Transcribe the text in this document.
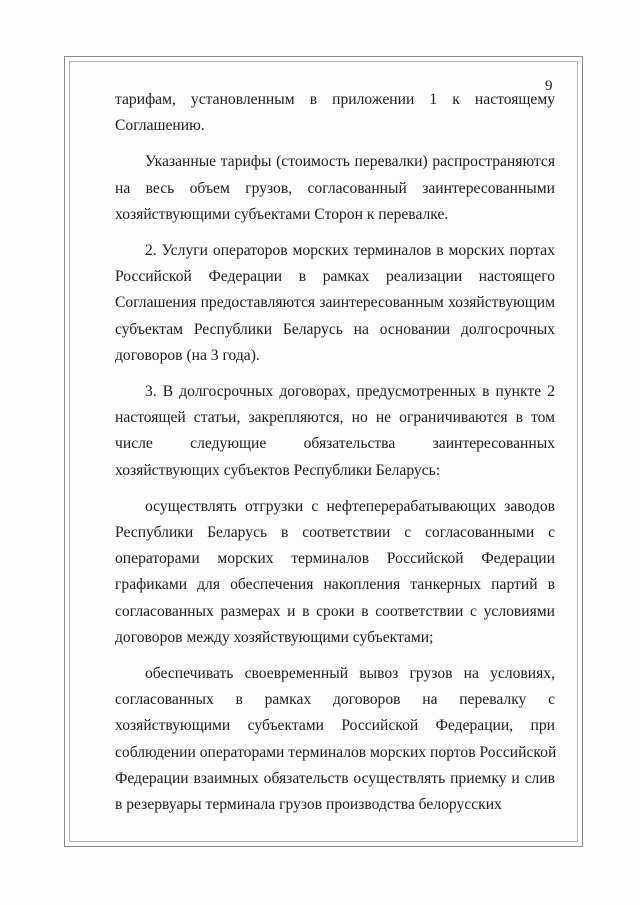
9

тарифам, установленным в приложении 1 к настоящему
Соглашению.

Указанные тарифы (стоимость перевалки) распространяются
на весь объем грузов, согласованный заинтересованными
хозяйствующими субъектами Сторон к перевалке.

2. Услуги операторов морских терминалов в морских портах
Российской Федерации в рамках реализации настоящего
Соглашения предоставляются заинтересованным хозяйствующим
субъектам Республики Беларусь на основании долгосрочных
договоров (на 3 года).

3. В долгосрочных договорах, предусмотренных в пункте 2
настоящей статьи, закрепляются, но не ограничиваются в том
числе следующие обязательства заинтересованных
хозяйствующих субъектов Республики Беларусь:

осуществлять отгрузки с нефтеперерабатывающих заводов
Республики Беларусь в соответствии с согласованными с
операторами морских терминалов Российской Федерации
графиками для обеспечения накопления танкерных партий в
согласованных размерах и в сроки в соответствии с условиями
договоров между хозяйствующими субъектами;

обеспечивать своевременный вывоз грузов на условиях,
согласованных в рамках договоров на перевалку с
хозяйствующими субъектами Российской Федерации, при
соблюдении операторами терминалов морских портов Российской
Федерации взаимных обязательств осуществлять приемку и слив
в резервуары терминала грузов производства белорусских
